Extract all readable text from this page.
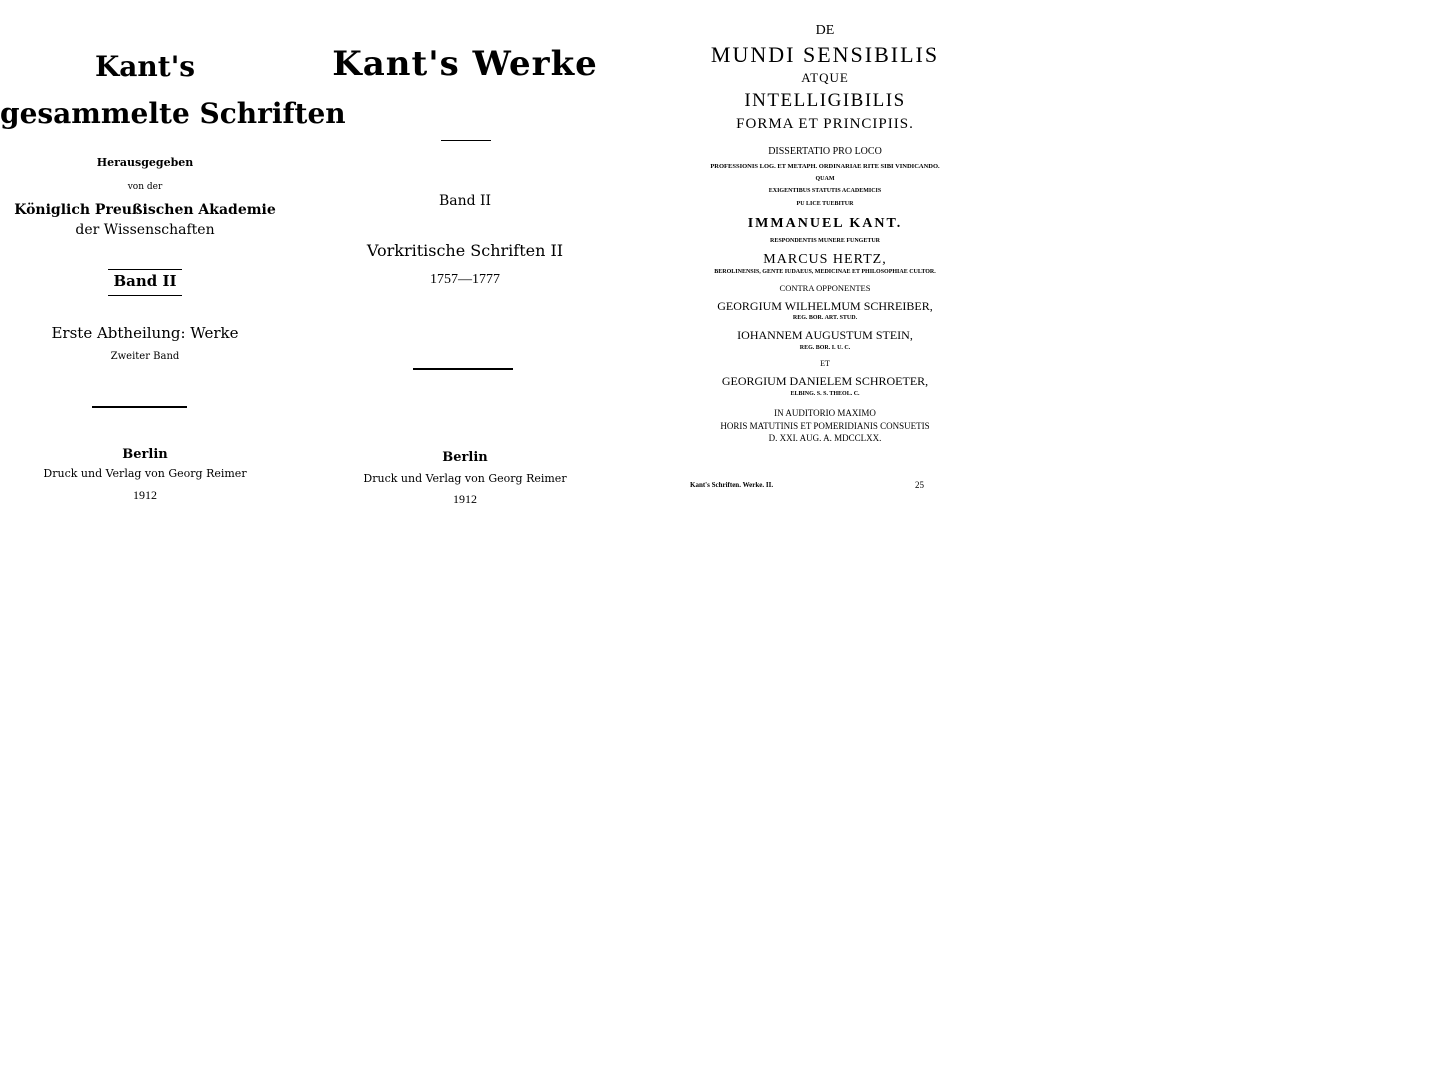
Kant's
gesammelte Schriften
Herausgegeben
von der
Königlich Preußischen Akademie
der Wissenschaften
Band II
Erste Abtheilung: Werke
Zweiter Band
Berlin
Druck und Verlag von Georg Reimer
1912
Kant's Werke
Band II
Vorkritische Schriften II
1757—1777
Berlin
Druck und Verlag von Georg Reimer
1912
DE
MUNDI SENSIBILIS
ATQUE
INTELLIGIBILIS
FORMA ET PRINCIPIIS.
DISSERTATIO PRO LOCO
PROFESSIONIS LOG. ET METAPH. ORDINARIAE RITE SIBI VINDICANDO.
QUAM
EXIGENTIBUS STATUTIS ACADEMICIS
PU LICE TUEBITUR
IMMANUEL KANT.
RESPONDENTIS MUNERE FUNGETUR
MARCUS HERTZ,
BEROLINENSIS, GENTE IUDAEUS, MEDICINAE ET PHILOSOPHIAE CULTOR.
CONTRA OPPONENTES
GEORGIUM WILHELMUM SCHREIBER,
REG. BOR. ART. STUD.
IOHANNEM AUGUSTUM STEIN,
REG. BOR. I. U. C.
ET
GEORGIUM DANIELEM SCHROETER,
ELBING. S. S. THEOL. C.
IN AUDITORIO MAXIMO
HORIS MATUTINIS ET POMERIDIANIS CONSUETIS
D. XXI. AUG. A. MDCCLXX.
Kant's Schriften. Werke. II.	25
